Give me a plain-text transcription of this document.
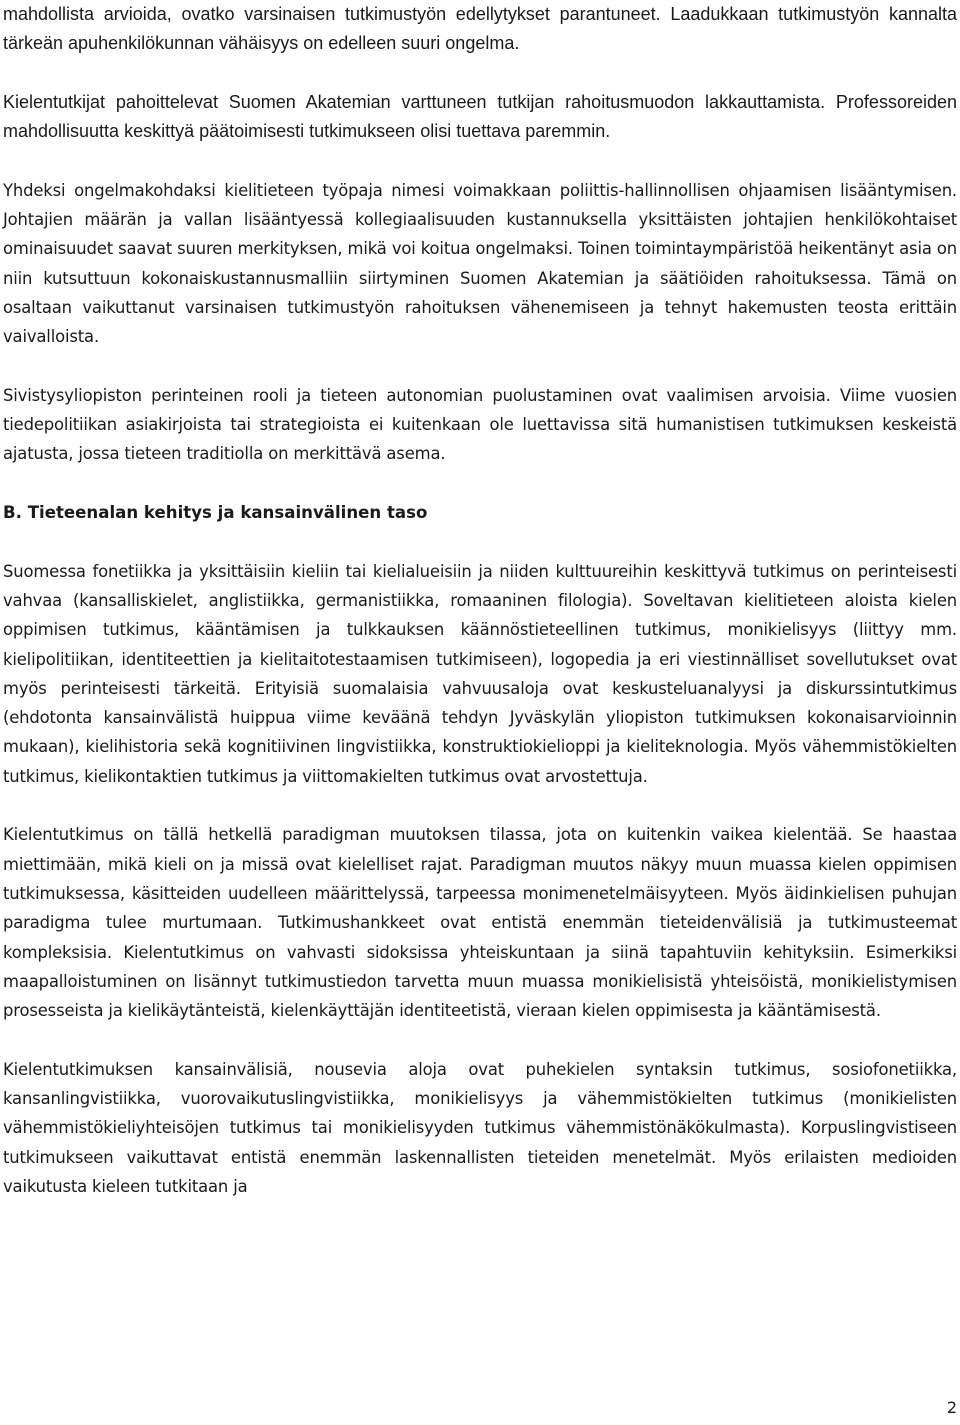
mahdollista arvioida, ovatko varsinaisen tutkimustyön edellytykset parantuneet. Laadukkaan tutkimustyön kannalta tärkeän apuhenkilökunnan vähäisyys on edelleen suuri ongelma.

Kielentutkijat pahoittelevat Suomen Akatemian varttuneen tutkijan rahoitusmuodon lakkauttamista. Professoreiden mahdollisuutta keskittyä päätoimisesti tutkimukseen olisi tuettava paremmin.

Yhdeksi ongelmakohdaksi kielitieteen työpaja nimesi voimakkaan poliittis-hallinnollisen ohjaamisen lisääntymisen. Johtajien määrän ja vallan lisääntyessä kollegiaalisuuden kustannuksella yksittäisten johtajien henkilökohtaiset ominaisuudet saavat suuren merkityksen, mikä voi koitua ongelmaksi. Toinen toimintaympäristöä heikentänyt asia on niin kutsuttuun kokonaiskustannusmalliin siirtyminen Suomen Akatemian ja säätiöiden rahoituksessa. Tämä on osaltaan vaikuttanut varsinaisen tutkimustyön rahoituksen vähenemiseen ja tehnyt hakemusten teosta erittäin vaivalloista.

Sivistysyliopiston perinteinen rooli ja tieteen autonomian puolustaminen ovat vaalimisen arvoisia. Viime vuosien tiedepolitiikan asiakirjoista tai strategioista ei kuitenkaan ole luettavissa sitä humanistisen tutkimuksen keskeistä ajatusta, jossa tieteen traditiolla on merkittävä asema.

B. Tieteenalan kehitys ja kansainvälinen taso

Suomessa fonetiikka ja yksittäisiin kieliin tai kielialueisiin ja niiden kulttuureihin keskittyvä tutkimus on perinteisesti vahvaa (kansalliskielet, anglistiikka, germanistiikka, romaaninen filologia). Soveltavan kielitieteen aloista kielen oppimisen tutkimus, kääntämisen ja tulkkauksen käännöstieteellinen tutkimus, monikielisyys (liittyy mm. kielipolitiikan, identiteettien ja kielitaitotestaamisen tutkimiseen), logopedia ja eri viestinnälliset sovellutukset ovat myös perinteisesti tärkeitä. Erityisiä suomalaisia vahvuusaloja ovat keskusteluanalyysi ja diskurssintutkimus (ehdotonta kansainvälistä huippua viime keväänä tehdyn Jyväskylän yliopiston tutkimuksen kokonaisarvioinnin mukaan), kielihistoria sekä kognitiivinen lingvistiikka, konstruktiokielioppi ja kieliteknologia. Myös vähemmistökielten tutkimus, kielikontaktien tutkimus ja viittomakielten tutkimus ovat arvostettuja.

Kielentutkimus on tällä hetkellä paradigman muutoksen tilassa, jota on kuitenkin vaikea kielentää. Se haastaa miettimään, mikä kieli on ja missä ovat kielelliset rajat. Paradigman muutos näkyy muun muassa kielen oppimisen tutkimuksessa, käsitteiden uudelleen määrittelyssä, tarpeessa monimenetelmäisyyteen. Myös äidinkielisen puhujan paradigma tulee murtumaan. Tutkimushankkeet ovat entistä enemmän tieteidenvälisiä ja tutkimusteemat kompleksisia. Kielentutkimus on vahvasti sidoksissa yhteiskuntaan ja siinä tapahtuviin kehityksiin. Esimerkiksi maapalloistuminen on lisännyt tutkimustiedon tarvetta muun muassa monikielisistä yhteisöistä, monikielistymisen prosesseista ja kielikäytänteistä, kielenkäyttäjän identiteetistä, vieraan kielen oppimisesta ja kääntämisestä.

Kielentutkimuksen kansainvälisiä, nousevia aloja ovat puhekielen syntaksin tutkimus, sosiofonetiikka, kansanlingvistiikka, vuorovaikutuslingvistiikka, monikielisyys ja vähemmistökielten tutkimus (monikielisten vähemmistökieliyhteisöjen tutkimus tai monikielisyyden tutkimus vähemmistönäkökulmasta). Korpuslingvistiseen tutkimukseen vaikuttavat entistä enemmän laskennallisten tieteiden menetelmät. Myös erilaisten medioiden vaikutusta kieleen tutkitaan ja

2
